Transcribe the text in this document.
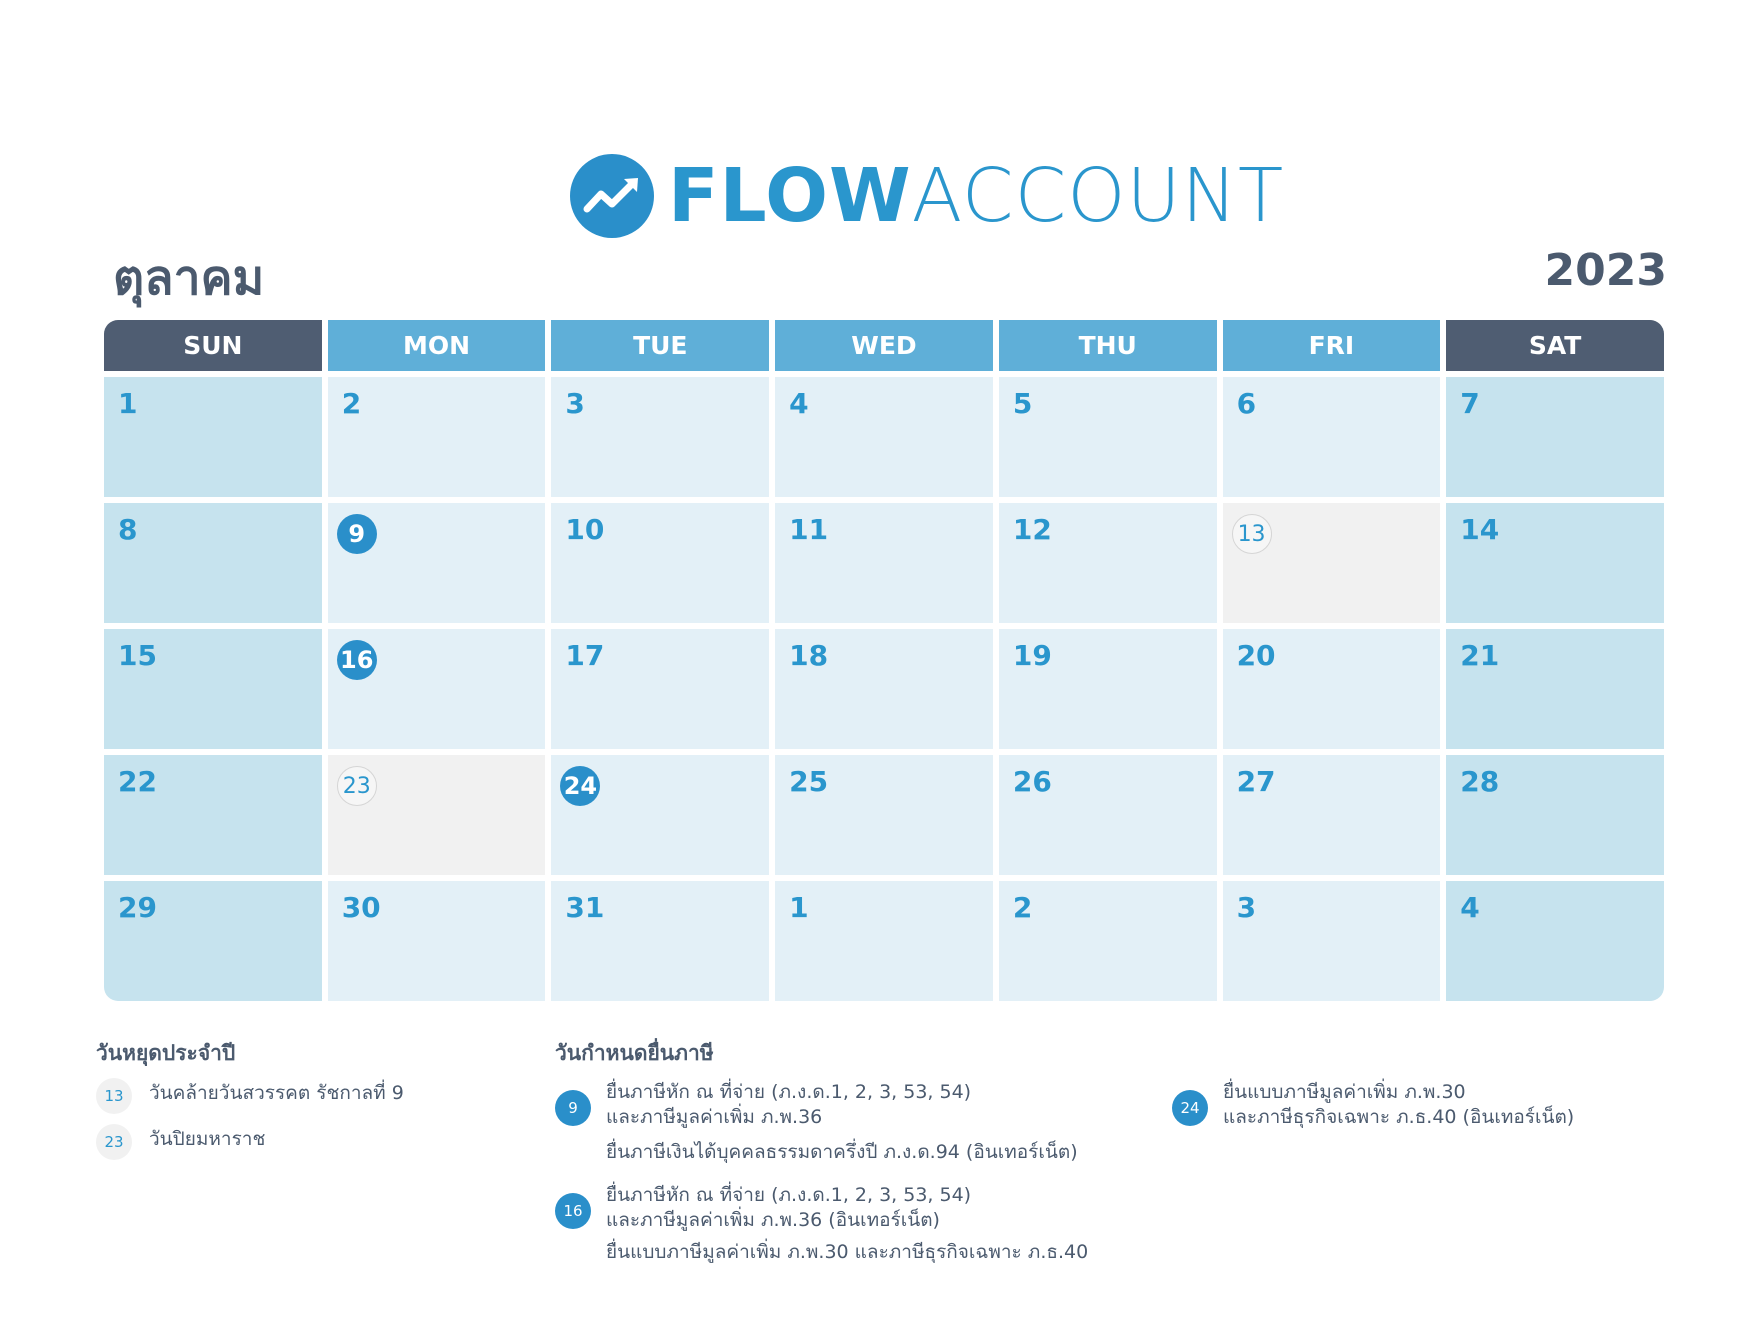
FLOWACCOUNT
ตุลาคม	2023
SUN	MON	TUE	WED	THU	FRI	SAT
1	2	3	4	5	6	7
8	9	10	11	12	13	14
15	16	17	18	19	20	21
22	23	24	25	26	27	28
29	30	31	1	2	3	4
วันหยุดประจำปี
13	วันคล้ายวันสวรรคต รัชกาลที่ 9
23	วันปิยมหาราช
วันกำหนดยื่นภาษี
9
ยื่นภาษีหัก ณ ที่จ่าย (ภ.ง.ด.1, 2, 3, 53, 54)
และภาษีมูลค่าเพิ่ม ภ.พ.36
ยื่นภาษีเงินได้บุคคลธรรมดาครึ่งปี ภ.ง.ด.94 (อินเทอร์เน็ต)
16
ยื่นภาษีหัก ณ ที่จ่าย (ภ.ง.ด.1, 2, 3, 53, 54)
และภาษีมูลค่าเพิ่ม ภ.พ.36 (อินเทอร์เน็ต)
ยื่นแบบภาษีมูลค่าเพิ่ม ภ.พ.30 และภาษีธุรกิจเฉพาะ ภ.ธ.40
24
ยื่นแบบภาษีมูลค่าเพิ่ม ภ.พ.30
และภาษีธุรกิจเฉพาะ ภ.ธ.40 (อินเทอร์เน็ต)
